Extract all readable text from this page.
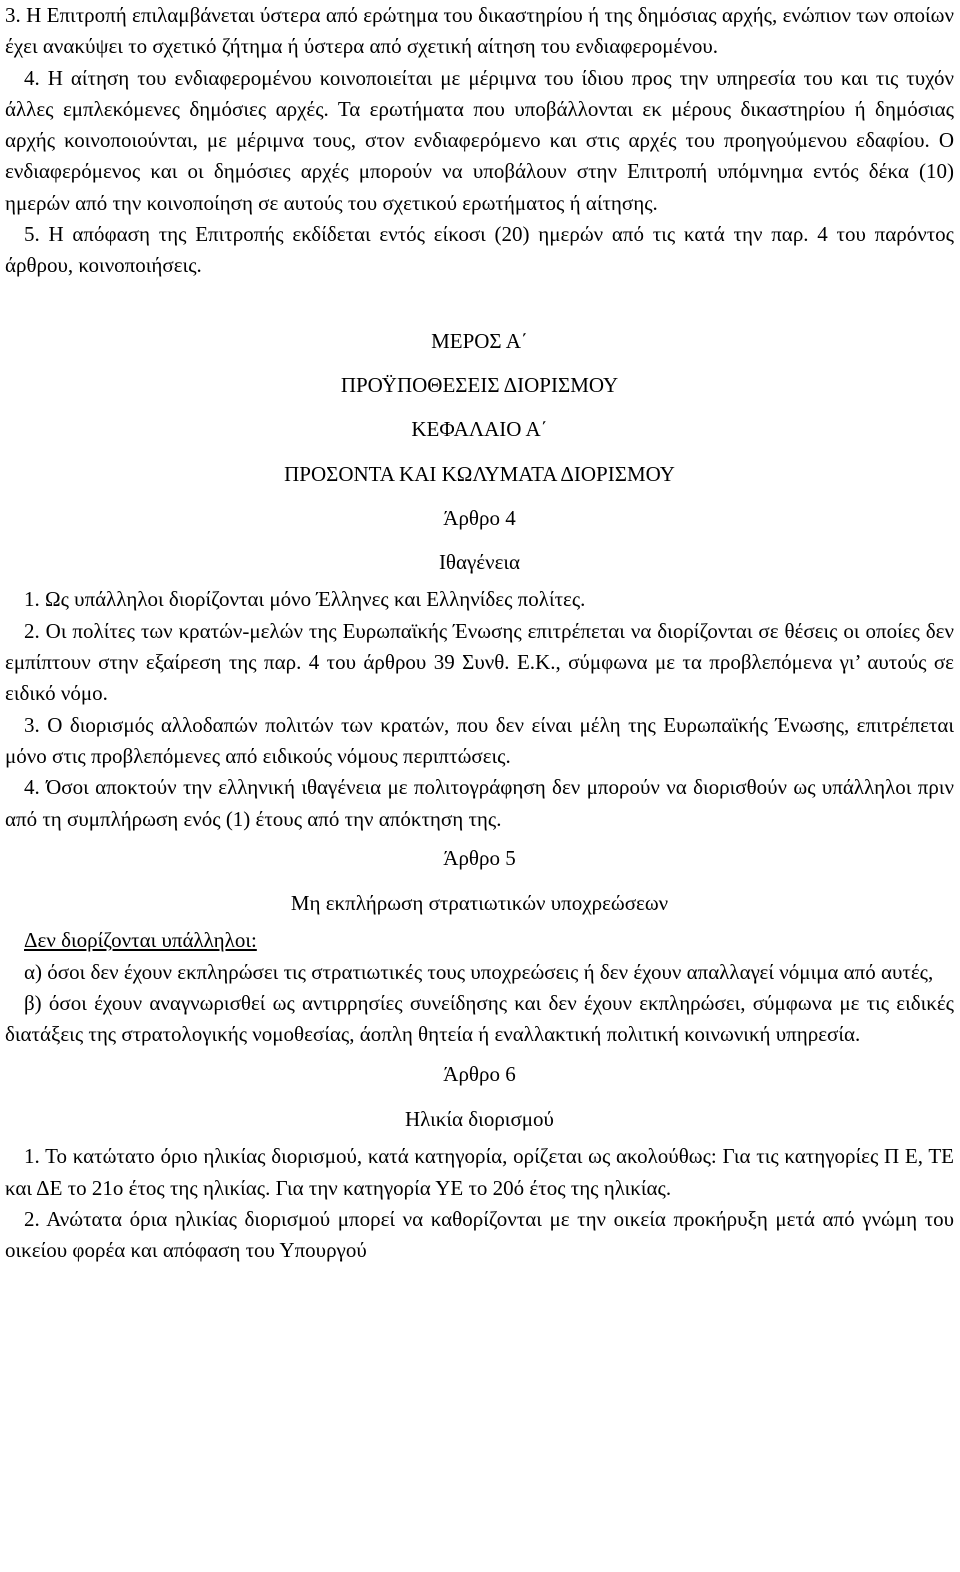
3. Η Επιτροπή επιλαμβάνεται ύστερα από ερώτημα του δικαστηρίου ή της δημόσιας αρχής, ενώπιον των οποίων έχει ανακύψει το σχετικό ζήτημα ή ύστερα από σχετική αίτηση του ενδιαφερομένου.

4. Η αίτηση του ενδιαφερομένου κοινοποιείται με μέριμνα του ίδιου προς την υπηρεσία του και τις τυχόν άλλες εμπλεκόμενες δημόσιες αρχές. Τα ερωτήματα που υποβάλλονται εκ μέρους δικαστηρίου ή δημόσιας αρχής κοινοποιούνται, με μέριμνα τους, στον ενδιαφερόμενο και στις αρχές του προηγούμενου εδαφίου. Ο ενδιαφερόμενος και οι δημόσιες αρχές μπορούν να υποβάλουν στην Επιτροπή υπόμνημα εντός δέκα (10) ημερών από την κοινοποίηση σε αυτούς του σχετικού ερωτήματος ή αίτησης.

5. Η απόφαση της Επιτροπής εκδίδεται εντός είκοσι (20) ημερών από τις κατά την παρ. 4 του παρόντος άρθρου, κοινοποιήσεις.

ΜΕΡΟΣ Α΄

ΠΡΟΫΠΟΘΕΣΕΙΣ ΔΙΟΡΙΣΜΟΥ

ΚΕΦΑΛΑΙΟ Α΄

ΠΡΟΣΟΝΤΑ ΚΑΙ ΚΩΛΥΜΑΤΑ ΔΙΟΡΙΣΜΟΥ

Άρθρο 4

Ιθαγένεια

1. Ως υπάλληλοι διορίζονται μόνο Έλληνες και Ελληνίδες πολίτες.

2. Οι πολίτες των κρατών-μελών της Ευρωπαϊκής Ένωσης επιτρέπεται να διορίζονται σε θέσεις οι οποίες δεν εμπίπτουν στην εξαίρεση της παρ. 4 του άρθρου 39 Συνθ. Ε.Κ., σύμφωνα με τα προβλεπόμενα γι’ αυτούς σε ειδικό νόμο.

3. Ο διορισμός αλλοδαπών πολιτών των κρατών, που δεν είναι μέλη της Ευρωπαϊκής Ένωσης, επιτρέπεται μόνο στις προβλεπόμενες από ειδικούς νόμους περιπτώσεις.

4. Όσοι αποκτούν την ελληνική ιθαγένεια με πολιτογράφηση δεν μπορούν να διορισθούν ως υπάλληλοι πριν από τη συμπλήρωση ενός (1) έτους από την απόκτηση της.

Άρθρο 5

Μη εκπλήρωση στρατιωτικών υποχρεώσεων

Δεν διορίζονται υπάλληλοι:

α) όσοι δεν έχουν εκπληρώσει τις στρατιωτικές τους υποχρεώσεις ή δεν έχουν απαλλαγεί νόμιμα από αυτές,

β) όσοι έχουν αναγνωρισθεί ως αντιρρησίες συνείδησης και δεν έχουν εκπληρώσει, σύμφωνα με τις ειδικές διατάξεις της στρατολογικής νομοθεσίας, άοπλη θητεία ή εναλλακτική πολιτική κοινωνική υπηρεσία.

Άρθρο 6

Ηλικία διορισμού

1. Το κατώτατο όριο ηλικίας διορισμού, κατά κατηγορία, ορίζεται ως ακολούθως: Για τις κατηγορίες Π Ε, ΤΕ και ΔΕ το 21ο έτος της ηλικίας. Για την κατηγορία ΥΕ το 20ό έτος της ηλικίας.

2. Ανώτατα όρια ηλικίας διορισμού μπορεί να καθορίζονται με την οικεία προκήρυξη μετά από γνώμη του οικείου φορέα και απόφαση του Υπουργού
